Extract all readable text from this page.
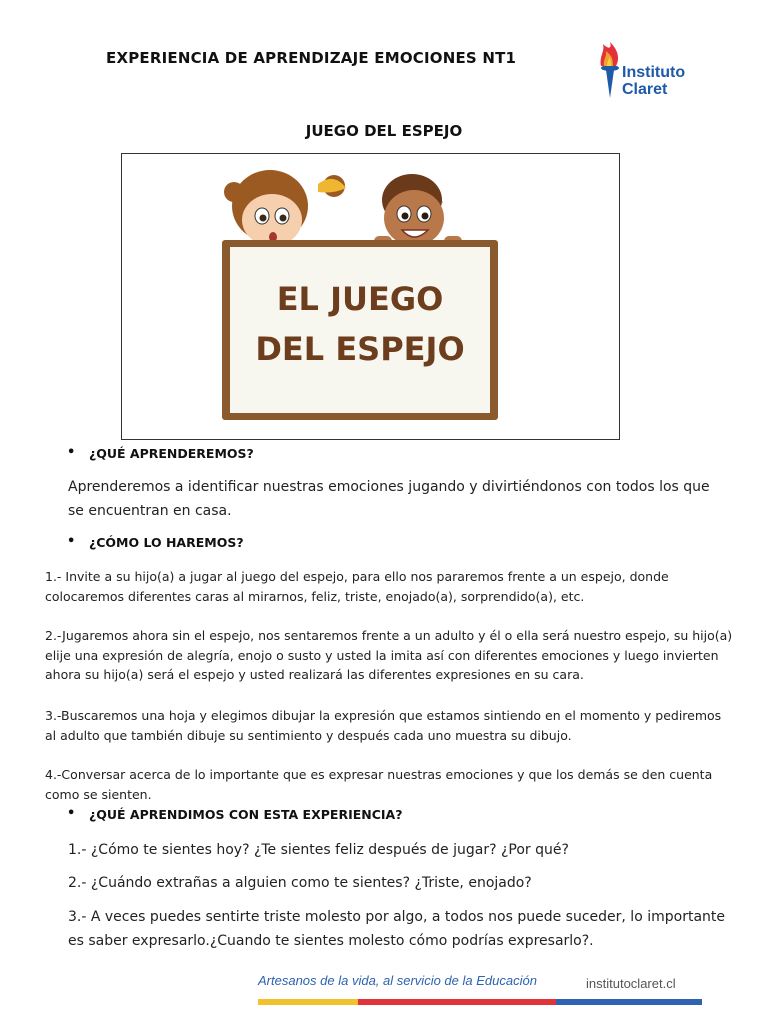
EXPERIENCIA DE APRENDIZAJE EMOCIONES NT1
Instituto
Claret
JUEGO DEL ESPEJO
EL JUEGO
DEL ESPEJO
• ¿QUÉ APRENDEREMOS?
Aprenderemos a identificar nuestras emociones jugando y divirtiéndonos con todos los que se encuentran en casa.
• ¿CÓMO LO HAREMOS?
1.- Invite a su hijo(a) a jugar al juego del espejo, para ello nos pararemos frente a un espejo, donde colocaremos diferentes caras al mirarnos, feliz, triste, enojado(a), sorprendido(a), etc.
2.-Jugaremos ahora sin el espejo, nos sentaremos frente a un adulto y él o ella será nuestro espejo, su hijo(a) elije una expresión de alegría, enojo o susto y usted la imita así con diferentes emociones y luego invierten ahora su hijo(a) será el espejo y usted realizará las diferentes expresiones en su cara.
3.-Buscaremos una hoja y elegimos dibujar la expresión que estamos sintiendo en el momento y pediremos al adulto que también dibuje su sentimiento y después cada uno muestra su dibujo.
4.-Conversar acerca de lo importante que es expresar nuestras emociones y que los demás se den cuenta como se sienten.
• ¿QUÉ APRENDIMOS CON ESTA EXPERIENCIA?
1.- ¿Cómo te sientes hoy? ¿Te sientes feliz después de jugar? ¿Por qué?
2.- ¿Cuándo extrañas a alguien como te sientes? ¿Triste, enojado?
3.- A veces puedes sentirte triste molesto por algo, a todos nos puede suceder, lo importante es saber expresarlo.¿Cuando te sientes molesto cómo podrías expresarlo?.
Artesanos de la vida, al servicio de la Educación	institutoclaret.cl
